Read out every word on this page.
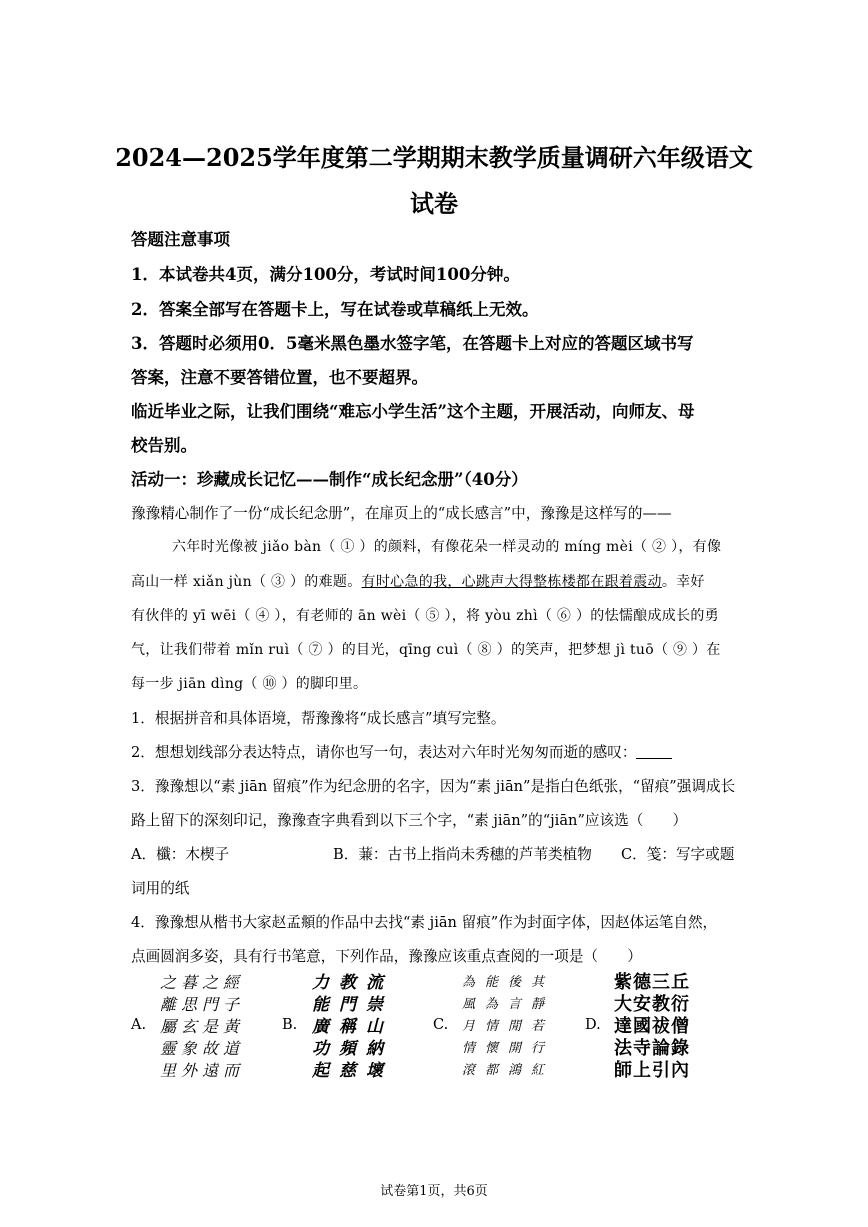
2024—2025学年度第二学期期末教学质量调研六年级语文
试卷
答题注意事项
1．本试卷共4页，满分100分，考试时间100分钟。
2．答案全部写在答题卡上，写在试卷或草稿纸上无效。
3．答题时必须用0．5毫米黑色墨水签字笔，在答题卡上对应的答题区域书写
答案，注意不要答错位置，也不要超界。
临近毕业之际，让我们围绕“难忘小学生活”这个主题，开展活动，向师友、母
校告别。
活动一：珍藏成长记忆——制作“成长纪念册”（40分）
豫豫精心制作了一份“成长纪念册”，在扉页上的“成长感言”中，豫豫是这样写的——
六年时光像被 jiǎo bàn（ ① ）的颜料，有像花朵一样灵动的 míng mèi（ ② ），有像
高山一样 xiǎn jùn（ ③ ）的难题。有时心急的我，心跳声大得整栋楼都在跟着震动。幸好
有伙伴的 yī wēi（ ④ ），有老师的 ān wèi（ ⑤ ），将 yòu zhì（ ⑥ ）的怯懦酿成成长的勇
气，让我们带着 mǐn ruì（ ⑦ ）的目光，qīng cuì（ ⑧ ）的笑声，把梦想 jì tuō（ ⑨ ）在
每一步 jiān dìng（ ⑩ ）的脚印里。
1．根据拼音和具体语境，帮豫豫将“成长感言”填写完整。
2．想想划线部分表达特点，请你也写一句，表达对六年时光匆匆而逝的感叹：
3．豫豫想以“素 jiān 留痕”作为纪念册的名字，因为“素 jiān”是指白色纸张，“留痕”强调成长
路上留下的深刻印记，豫豫查字典看到以下三个字，“素 jiān”的“jiān”应该选（　　）
A．櫼：木楔子	B．蒹：古书上指尚未秀穗的芦苇类植物 C．笺：写字或题
词用的纸
4．豫豫想从楷书大家赵孟頫的作品中去找“素 jiān 留痕”作为封面字体，因赵体运笔自然，
点画圆润多姿，具有行书笔意，下列作品，豫豫应该重点查阅的一项是（　　）
A.
之暮之經
離思門子
屬玄是黃
靈象故道
里外遠而
B.
力教流
能門崇
廣稱山
功頻納
起慈壞
C.
為能後其
風為言靜
月情閒若
情懷開行
滾都鴻紅
D.
紫德三丘
大安教衍
達國祓僧
法寺論錄
師上引內
试卷第1页，共6页
